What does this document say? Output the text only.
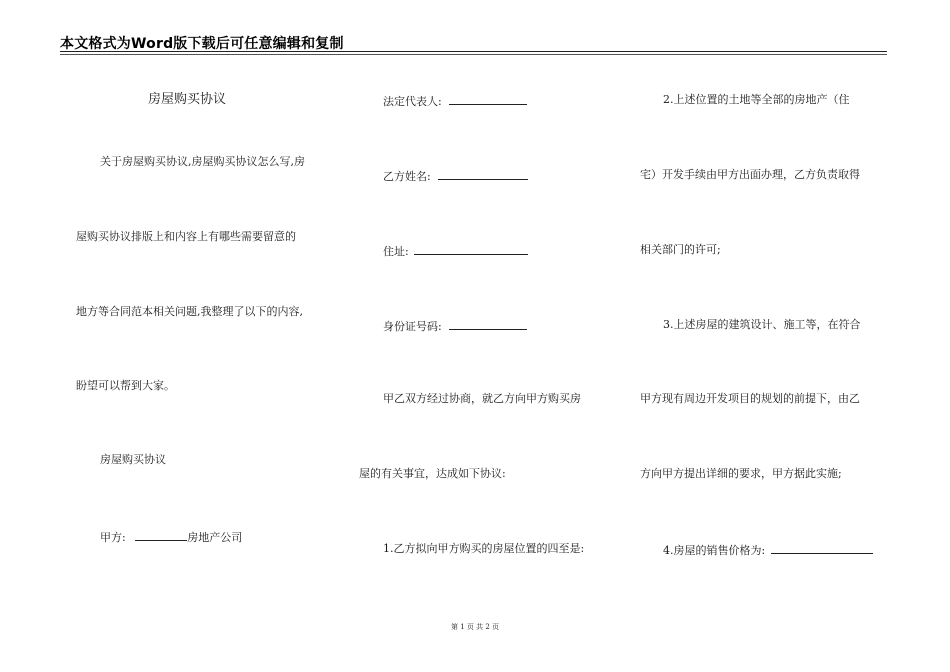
本文格式为Word版下载后可任意编辑和复制
房屋购买协议
关于房屋购买协议,房屋购买协议怎么写,房
屋购买协议排版上和内容上有哪些需要留意的
地方等合同范本相关问题,我整理了以下的内容,
盼望可以帮到大家。
房屋购买协议
甲方:	房地产公司
法定代表人:
乙方姓名:
住址:
身份证号码:
甲乙双方经过协商，就乙方向甲方购买房
屋的有关事宜，达成如下协议:
1.乙方拟向甲方购买的房屋位置的四至是:
2.上述位置的土地等全部的房地产（住
宅）开发手续由甲方出面办理，乙方负责取得
相关部门的许可;
3.上述房屋的建筑设计、施工等，在符合
甲方现有周边开发项目的规划的前提下，由乙
方向甲方提出详细的要求，甲方据此实施;
4.房屋的销售价格为:
第 1 页 共 2 页
